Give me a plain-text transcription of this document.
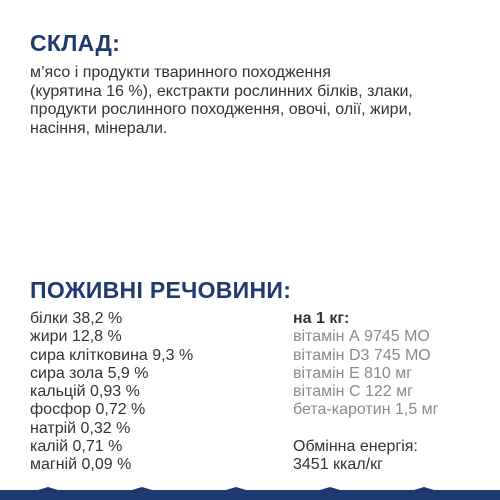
СКЛАД:

м’ясо і продукти тваринного походження
(курятина 16 %), екстракти рослинних білків, злаки,
продукти рослинного походження, овочі, олії, жири,
насіння, мінерали.

ПОЖИВНІ РЕЧОВИНИ:
білки 38,2 %
жири 12,8 %
сира клітковина 9,3 %
сира зола 5,9 %
кальцій 0,93 %
фосфор 0,72 %
натрій 0,32 %
калій 0,71 %
магній 0,09 %
на 1 кг:
вітамін А 9745 МО
вітамін D3 745 МО
вітамін Е 810 мг
вітамін С 122 мг
бета-каротин 1,5 мг
Обмінна енергія:
3451 ккал/кг
